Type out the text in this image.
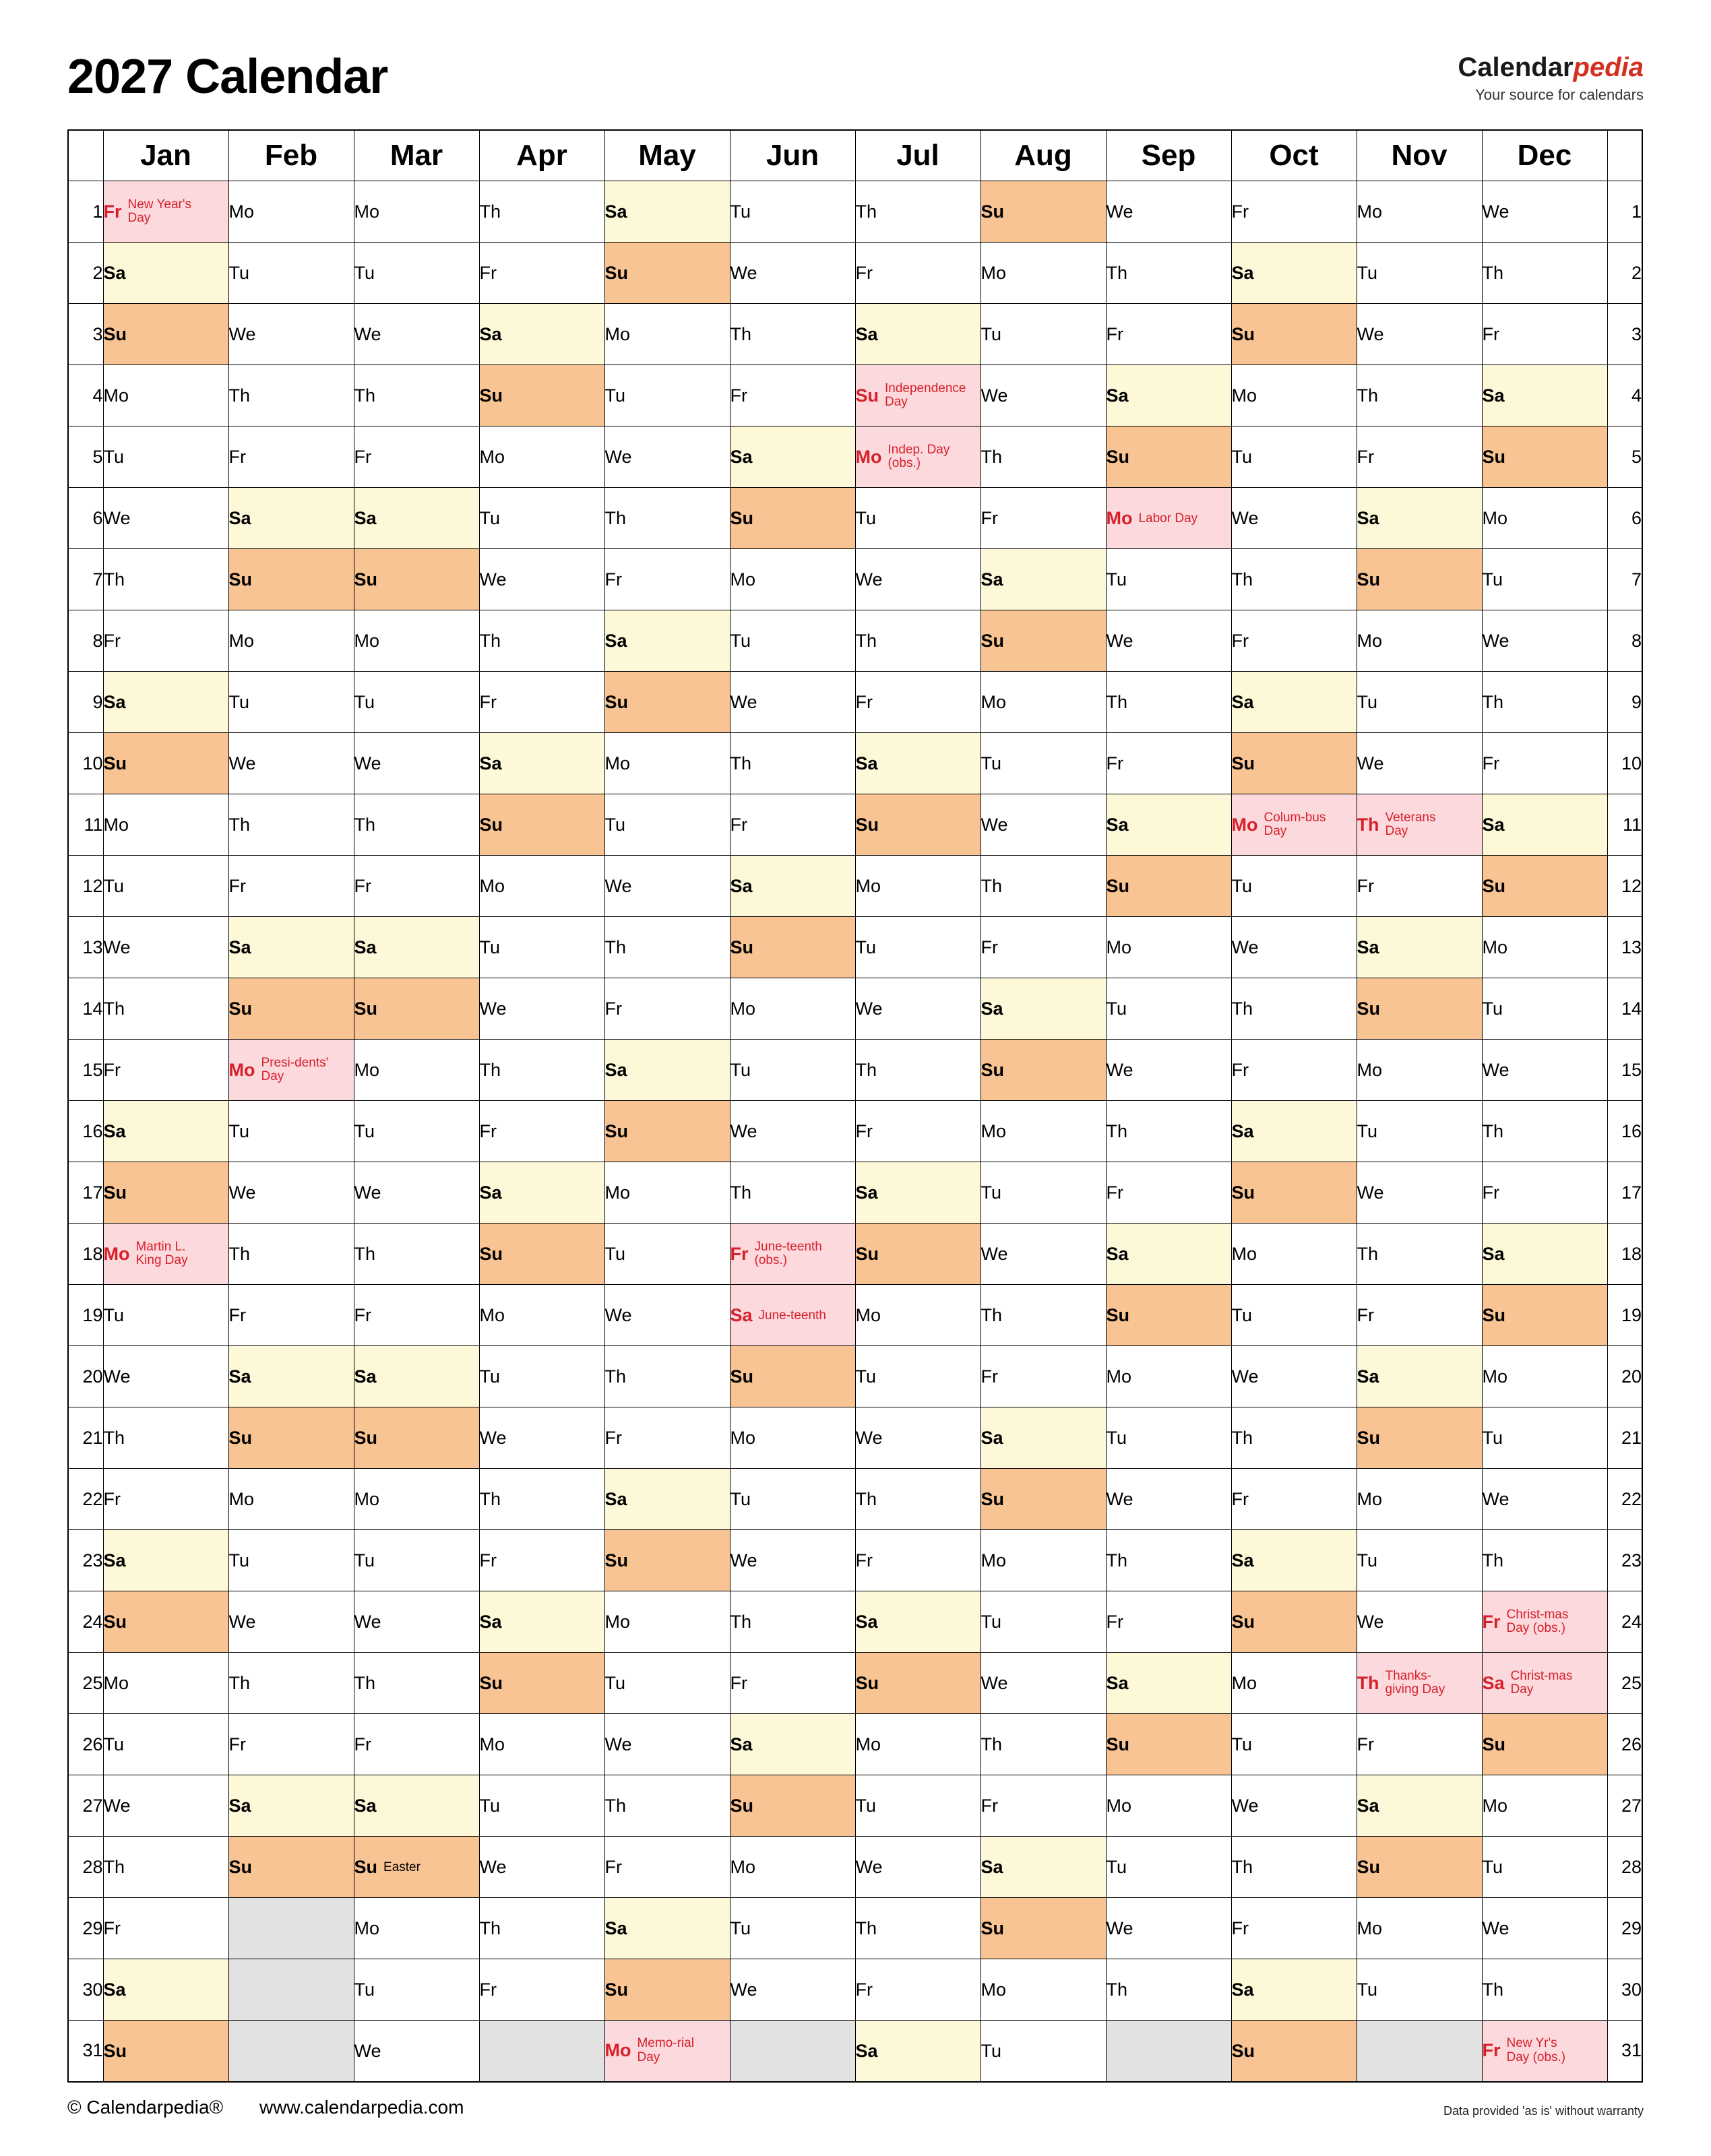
2027 Calendar	Calendarpedia
Your source for calendars
	Jan	Feb	Mar	Apr	May	Jun	Jul	Aug	Sep	Oct	Nov	Dec	
1	Fr New Year's Day	Mo	Mo	Th	Sa	Tu	Th	Su	We	Fr	Mo	We	1
2	Sa	Tu	Tu	Fr	Su	We	Fr	Mo	Th	Sa	Tu	Th	2
3	Su	We	We	Sa	Mo	Th	Sa	Tu	Fr	Su	We	Fr	3
4	Mo	Th	Th	Su	Tu	Fr	Su Independence Day	We	Sa	Mo	Th	Sa	4
5	Tu	Fr	Fr	Mo	We	Sa	Mo Indep. Day (obs.)	Th	Su	Tu	Fr	Su	5
6	We	Sa	Sa	Tu	Th	Su	Tu	Fr	Mo Labor Day	We	Sa	Mo	6
7	Th	Su	Su	We	Fr	Mo	We	Sa	Tu	Th	Su	Tu	7
8	Fr	Mo	Mo	Th	Sa	Tu	Th	Su	We	Fr	Mo	We	8
9	Sa	Tu	Tu	Fr	Su	We	Fr	Mo	Th	Sa	Tu	Th	9
10	Su	We	We	Sa	Mo	Th	Sa	Tu	Fr	Su	We	Fr	10
11	Mo	Th	Th	Su	Tu	Fr	Su	We	Sa	Mo Colum-bus Day	Th Veterans Day	Sa	11
12	Tu	Fr	Fr	Mo	We	Sa	Mo	Th	Su	Tu	Fr	Su	12
13	We	Sa	Sa	Tu	Th	Su	Tu	Fr	Mo	We	Sa	Mo	13
14	Th	Su	Su	We	Fr	Mo	We	Sa	Tu	Th	Su	Tu	14
15	Fr	Mo Presi-dents' Day	Mo	Th	Sa	Tu	Th	Su	We	Fr	Mo	We	15
16	Sa	Tu	Tu	Fr	Su	We	Fr	Mo	Th	Sa	Tu	Th	16
17	Su	We	We	Sa	Mo	Th	Sa	Tu	Fr	Su	We	Fr	17
18	Mo Martin L. King Day	Th	Th	Su	Tu	Fr June-teenth (obs.)	Su	We	Sa	Mo	Th	Sa	18
19	Tu	Fr	Fr	Mo	We	Sa June-teenth	Mo	Th	Su	Tu	Fr	Su	19
20	We	Sa	Sa	Tu	Th	Su	Tu	Fr	Mo	We	Sa	Mo	20
21	Th	Su	Su	We	Fr	Mo	We	Sa	Tu	Th	Su	Tu	21
22	Fr	Mo	Mo	Th	Sa	Tu	Th	Su	We	Fr	Mo	We	22
23	Sa	Tu	Tu	Fr	Su	We	Fr	Mo	Th	Sa	Tu	Th	23
24	Su	We	We	Sa	Mo	Th	Sa	Tu	Fr	Su	We	Fr Christ-mas Day (obs.)	24
25	Mo	Th	Th	Su	Tu	Fr	Su	We	Sa	Mo	Th Thanks-giving Day	Sa Christ-mas Day	25
26	Tu	Fr	Fr	Mo	We	Sa	Mo	Th	Su	Tu	Fr	Su	26
27	We	Sa	Sa	Tu	Th	Su	Tu	Fr	Mo	We	Sa	Mo	27
28	Th	Su	Su Easter	We	Fr	Mo	We	Sa	Tu	Th	Su	Tu	28
29	Fr		Mo	Th	Sa	Tu	Th	Su	We	Fr	Mo	We	29
30	Sa		Tu	Fr	Su	We	Fr	Mo	Th	Sa	Tu	Th	30
31	Su		We		Mo Memo-rial Day		Sa	Tu		Su		Fr New Yr's Day (obs.)	31
© Calendarpedia® www.calendarpedia.com	Data provided 'as is' without warranty
